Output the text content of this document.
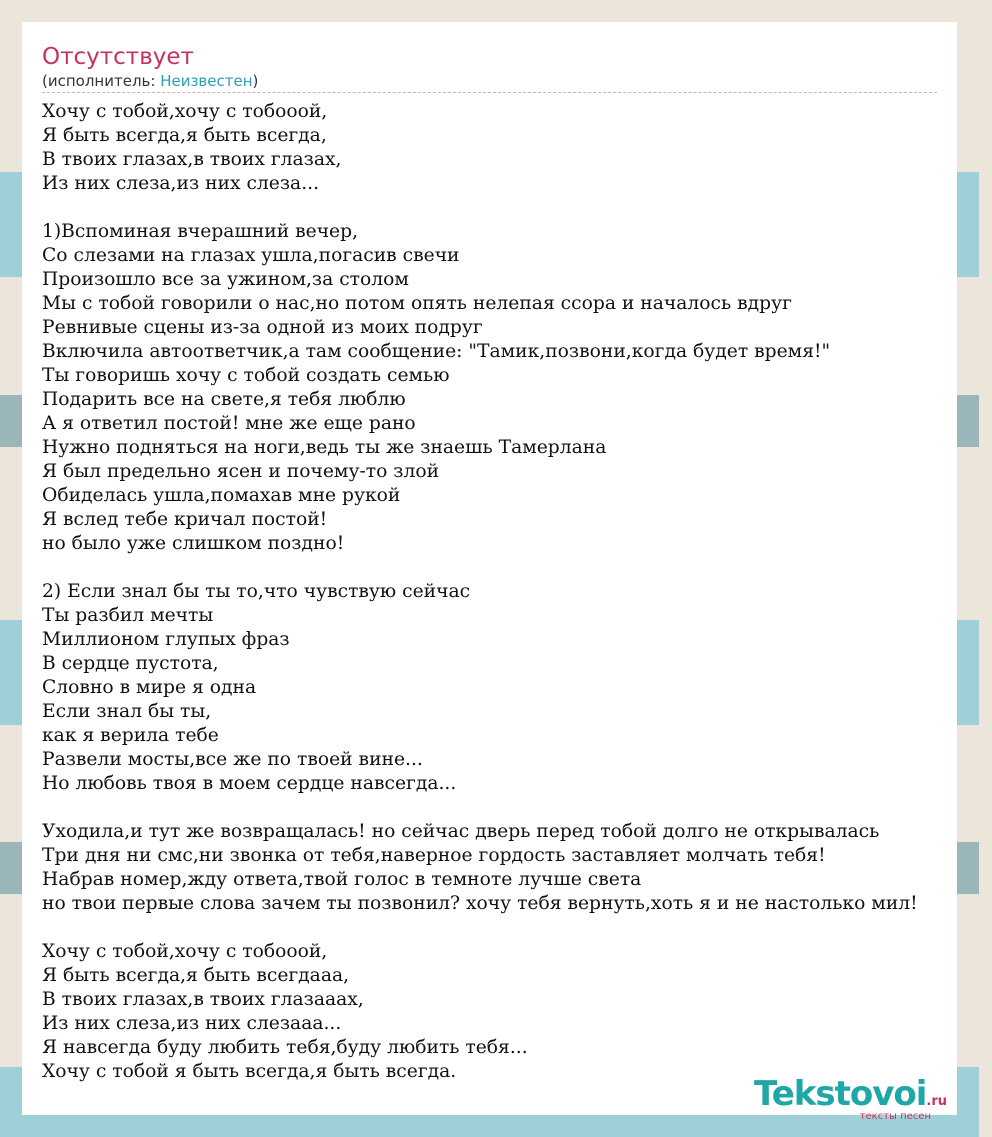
Отсутствует
(исполнитель: Неизвестен)
Хочу с тобой,хочу с тобооой,
Я быть всегда,я быть всегда,
В твоих глазах,в твоих глазах,
Из них слеза,из них слеза...

1)Вспоминая вчерашний вечер,
Со слезами на глазах ушла,погасив свечи
Произошло все за ужином,за столом
Мы с тобой говорили о нас,но потом опять нелепая ссора и началось вдруг
Ревнивые сцены из-за одной из моих подруг
Включила автоответчик,а там сообщение: "Тамик,позвони,когда будет время!"
Ты говоришь хочу с тобой создать семью
Подарить все на свете,я тебя люблю
А я ответил постой! мне же еще рано
Нужно подняться на ноги,ведь ты же знаешь Тамерлана
Я был предельно ясен и почему-то злой
Обиделась ушла,помахав мне рукой
Я вслед тебе кричал постой!
но было уже слишком поздно!

2) Если знал бы ты то,что чувствую сейчас
Ты разбил мечты
Миллионом глупых фраз
В сердце пустота,
Словно в мире я одна
Если знал бы ты,
как я верила тебе
Развели мосты,все же по твоей вине...
Но любовь твоя в моем сердце навсегда...

Уходила,и тут же возвращалась! но сейчас дверь перед тобой долго не открывалась
Три дня ни смс,ни звонка от тебя,наверное гордость заставляет молчать тебя!
Набрав номер,жду ответа,твой голос в темноте лучше света
но твои первые слова зачем ты позвонил? хочу тебя вернуть,хоть я и не настолько мил!

Хочу с тобой,хочу с тобооой,
Я быть всегда,я быть всегдааа,
В твоих глазах,в твоих глазааах,
Из них слеза,из них слезааа...
Я навсегда буду любить тебя,буду любить тебя...
Хочу с тобой я быть всегда,я быть всегда.
Tekstovoi.ru
тексты песен
